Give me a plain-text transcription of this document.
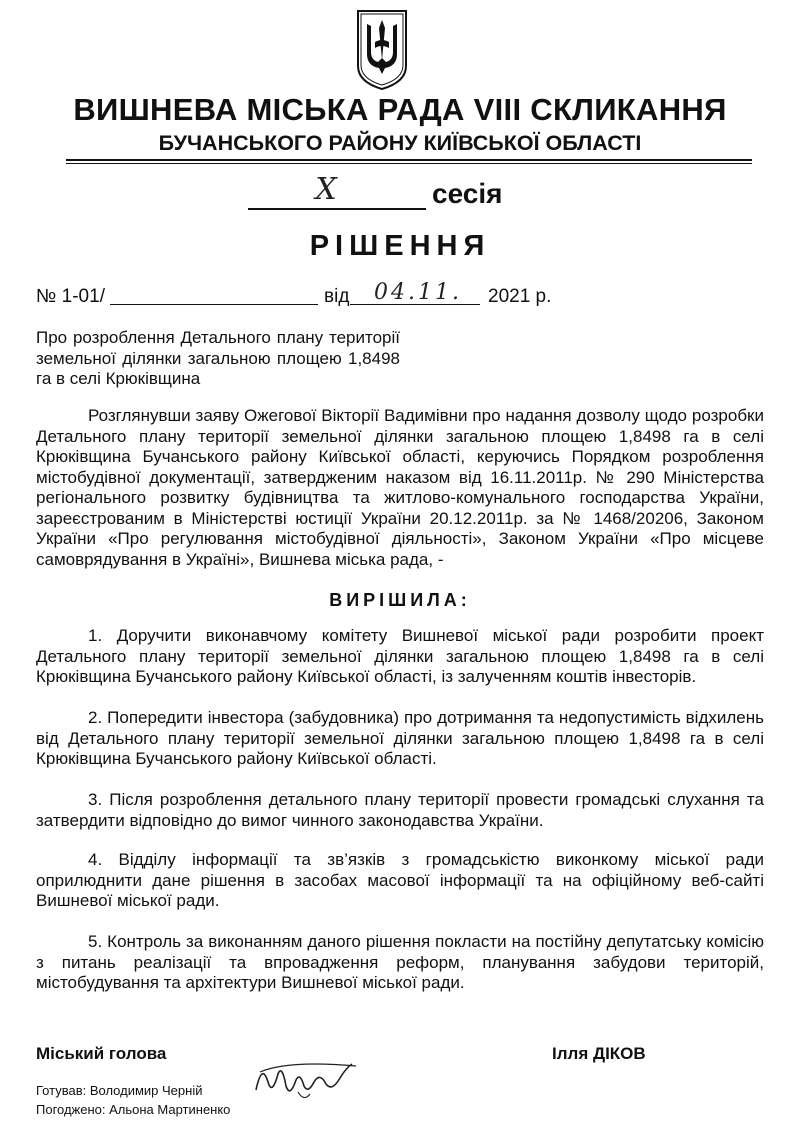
ВИШНЕВА МІСЬКА РАДА VIII СКЛИКАННЯ
БУЧАНСЬКОГО РАЙОНУ КИЇВСЬКОЇ ОБЛАСТІ
X	сесія
РІШЕННЯ
№ 1-01/	від 04.11. 2021 р.

Про розроблення Детального плану території земельної ділянки загальною площею 1,8498 га в селі Крюківщина

Розглянувши заяву Ожегової Вікторії Вадимівни про надання дозволу щодо розробки Детального плану території земельної ділянки загальною площею 1,8498 га в селі Крюківщина Бучанського району Київської області, керуючись Порядком розроблення містобудівної документації, затвердженим наказом від 16.11.2011р. № 290 Міністерства регіонального розвитку будівництва та житлово-комунального господарства України, зареєстрованим в Міністерстві юстиції України 20.12.2011р. за № 1468/20206, Законом України «Про регулювання містобудівної діяльності», Законом України «Про місцеве самоврядування в Україні», Вишнева міська рада, -

ВИРІШИЛА:

1. Доручити виконавчому комітету Вишневої міської ради розробити проект Детального плану території земельної ділянки загальною площею 1,8498 га в селі Крюківщина Бучанського району Київської області, із залученням коштів інвесторів.

2. Попередити інвестора (забудовника) про дотримання та недопустимість відхилень від Детального плану території земельної ділянки загальною площею 1,8498 га в селі Крюківщина Бучанського району Київської області.

3. Після розроблення детального плану території провести громадські слухання та затвердити відповідно до вимог чинного законодавства України.

4. Відділу інформації та зв’язків з громадськістю виконкому міської ради оприлюднити дане рішення в засобах масової інформації та на офіційному веб-сайті Вишневої міської ради.

5. Контроль за виконанням даного рішення покласти на постійну депутатську комісію з питань реалізації та впровадження реформ, планування забудови територій, містобудування та архітектури Вишневої міської ради.

Міський голова	Ілля ДІКОВ
Готував: Володимир Черній
Погоджено: Альона Мартиненко
